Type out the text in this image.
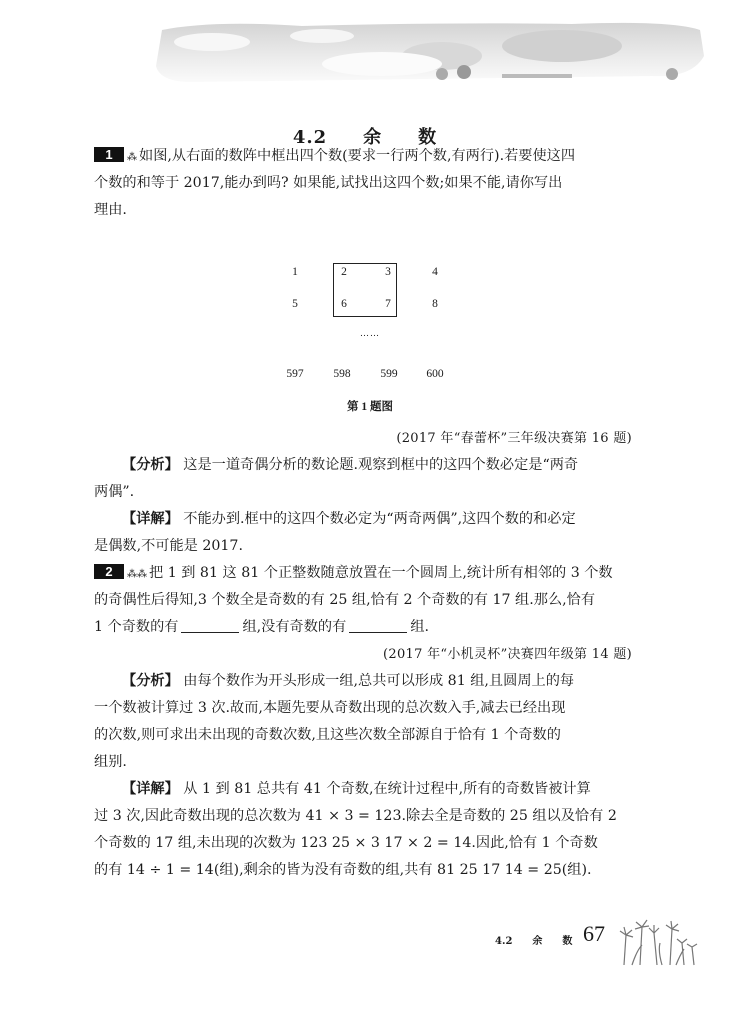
4.2 余 数
1 ⁂ 如图,从右面的数阵中框出四个数(要求一行两个数,有两行).若要使这四
个数的和等于 2017,能办到吗? 如果能,试找出这四个数;如果不能,请你写出
理由.
1	2	3	4
5	6	7	8
……
597	598	599	600
第 1 题图
(2017 年“春蕾杯”三年级决赛第 16 题)
【分析】 这是一道奇偶分析的数论题.观察到框中的这四个数必定是“两奇
两偶”.
【详解】 不能办到.框中的这四个数必定为“两奇两偶”,这四个数的和必定
是偶数,不可能是 2017.
2 ⁂⁂ 把 1 到 81 这 81 个正整数随意放置在一个圆周上,统计所有相邻的 3 个数
的奇偶性后得知,3 个数全是奇数的有 25 组,恰有 2 个奇数的有 17 组.那么,恰有
1 个奇数的有	组,没有奇数的有	组.
(2017 年“小机灵杯”决赛四年级第 14 题)
【分析】 由每个数作为开头形成一组,总共可以形成 81 组,且圆周上的每
一个数被计算过 3 次.故而,本题先要从奇数出现的总次数入手,减去已经出现
的次数,则可求出未出现的奇数次数,且这些次数全部源自于恰有 1 个奇数的
组别.
【详解】 从 1 到 81 总共有 41 个奇数,在统计过程中,所有的奇数皆被计算
过 3 次,因此奇数出现的总次数为 41 × 3 = 123.除去全是奇数的 25 组以及恰有 2
个奇数的 17 组,未出现的次数为 123 25 × 3 17 × 2 = 14.因此,恰有 1 个奇数
的有 14 ÷ 1 = 14(组),剩余的皆为没有奇数的组,共有 81 25 17 14 = 25(组).
4.2 余 数 67
